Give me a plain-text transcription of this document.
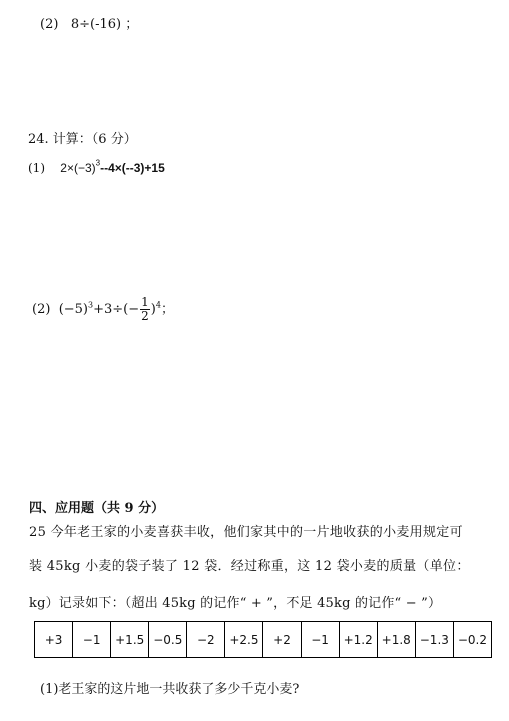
(2) 8÷(-16) ；
24. 计算：（6 分）
(1) $2\times(-3)^3--4\times(--3)+15$
(2) $(-5)^3+3\div(- \frac{1}{2} )^4$；
四、应用题（共 9 分）
25 今年老王家的小麦喜获丰收，他们家其中的一片地收获的小麦用规定可
装 45kg 小麦的袋子装了 12 袋．经过称重，这 12 袋小麦的质量（单位：
kg）记录如下：（超出 45kg 的记作“ + ”，不足 45kg 的记作“ − ”）
+3	−1	+1.5	−0.5	−2	+2.5	+2	−1	+1.2	+1.8	−1.3	−0.2
(1)老王家的这片地一共收获了多少千克小麦?
